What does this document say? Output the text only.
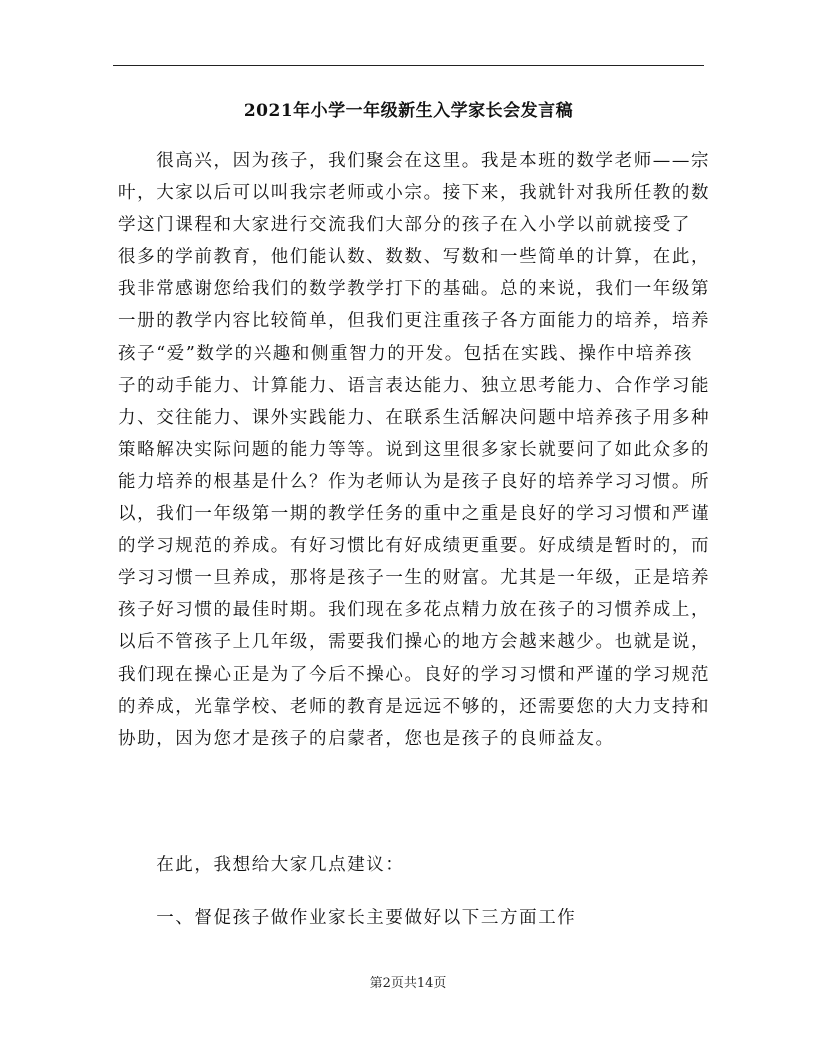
2021年小学一年级新生入学家长会发言稿
　　很高兴，因为孩子，我们聚会在这里。我是本班的数学老师——宗
叶，大家以后可以叫我宗老师或小宗。接下来，我就针对我所任教的数
学这门课程和大家进行交流我们大部分的孩子在入小学以前就接受了
很多的学前教育，他们能认数、数数、写数和一些简单的计算，在此，
我非常感谢您给我们的数学教学打下的基础。总的来说，我们一年级第
一册的教学内容比较简单，但我们更注重孩子各方面能力的培养，培养
孩子“爱”数学的兴趣和侧重智力的开发。包括在实践、操作中培养孩
子的动手能力、计算能力、语言表达能力、独立思考能力、合作学习能
力、交往能力、课外实践能力、在联系生活解决问题中培养孩子用多种
策略解决实际问题的能力等等。说到这里很多家长就要问了如此众多的
能力培养的根基是什么？作为老师认为是孩子良好的培养学习习惯。所
以，我们一年级第一期的教学任务的重中之重是良好的学习习惯和严谨
的学习规范的养成。有好习惯比有好成绩更重要。好成绩是暂时的，而
学习习惯一旦养成，那将是孩子一生的财富。尤其是一年级，正是培养
孩子好习惯的最佳时期。我们现在多花点精力放在孩子的习惯养成上，
以后不管孩子上几年级，需要我们操心的地方会越来越少。也就是说，
我们现在操心正是为了今后不操心。良好的学习习惯和严谨的学习规范
的养成，光靠学校、老师的教育是远远不够的，还需要您的大力支持和
协助，因为您才是孩子的启蒙者，您也是孩子的良师益友。
　　在此，我想给大家几点建议：
　　一、督促孩子做作业家长主要做好以下三方面工作
第2页共14页
